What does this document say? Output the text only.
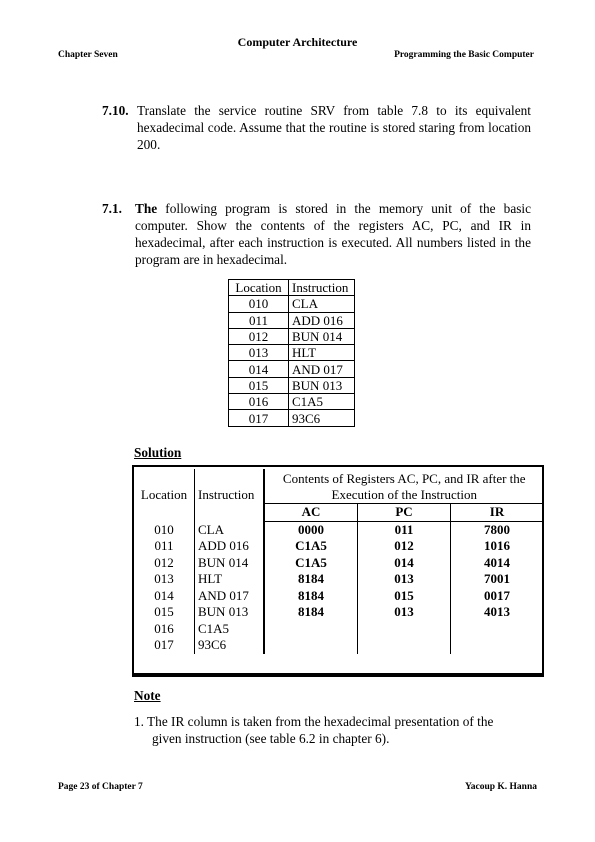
Computer Architecture
Chapter Seven	Programming the Basic Computer
7.10. Translate the service routine SRV from table 7.8 to its equivalent hexadecimal code. Assume that the routine is stored staring from location 200.
7.1. The following program is stored in the memory unit of the basic computer. Show the contents of the registers AC, PC, and IR in hexadecimal, after each instruction is executed. All numbers listed in the program are in hexadecimal.
Location	Instruction
010	CLA
011	ADD 016
012	BUN 014
013	HLT
014	AND 017
015	BUN 013
016	C1A5
017	93C6
Solution
Location	Instruction	Contents of Registers AC, PC, and IR after the Execution of the Instruction		
		AC	PC	IR
010	CLA	0000	011	7800
011	ADD 016	C1A5	012	1016
012	BUN 014	C1A5	014	4014
013	HLT	8184	013	7001
014	AND 017	8184	015	0017
015	BUN 013	8184	013	4013
016	C1A5			
017	93C6			
Note
1. The IR column is taken from the hexadecimal presentation of the
given instruction (see table 6.2 in chapter 6).
Page 23 of Chapter 7	Yacoup K. Hanna
